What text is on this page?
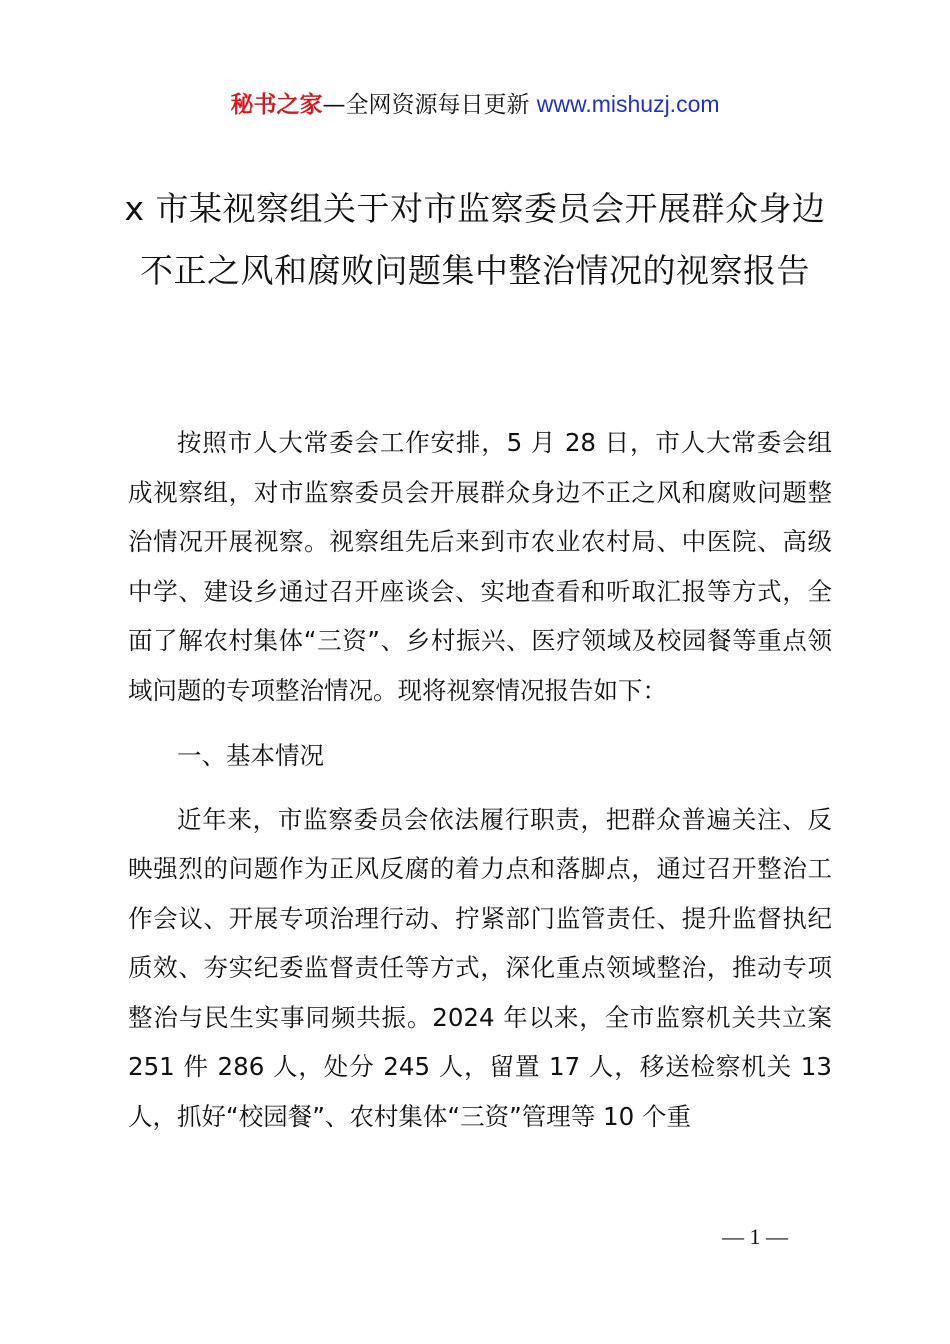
秘书之家—全网资源每日更新 www.mishuzj.com
x 市某视察组关于对市监察委员会开展群众身边不正之风和腐败问题集中整治情况的视察报告

按照市人大常委会工作安排，5 月 28 日，市人大常委会组成视察组，对市监察委员会开展群众身边不正之风和腐败问题整治情况开展视察。视察组先后来到市农业农村局、中医院、高级中学、建设乡通过召开座谈会、实地查看和听取汇报等方式，全面了解农村集体“三资”、乡村振兴、医疗领域及校园餐等重点领域问题的专项整治情况。现将视察情况报告如下：

一、基本情况

近年来，市监察委员会依法履行职责，把群众普遍关注、反映强烈的问题作为正风反腐的着力点和落脚点，通过召开整治工作会议、开展专项治理行动、拧紧部门监管责任、提升监督执纪质效、夯实纪委监督责任等方式，深化重点领域整治，推动专项整治与民生实事同频共振。2024 年以来，全市监察机关共立案 251 件 286 人，处分 245 人，留置 17 人，移送检察机关 13 人，抓好“校园餐”、农村集体“三资”管理等 10 个重

— 1 —
